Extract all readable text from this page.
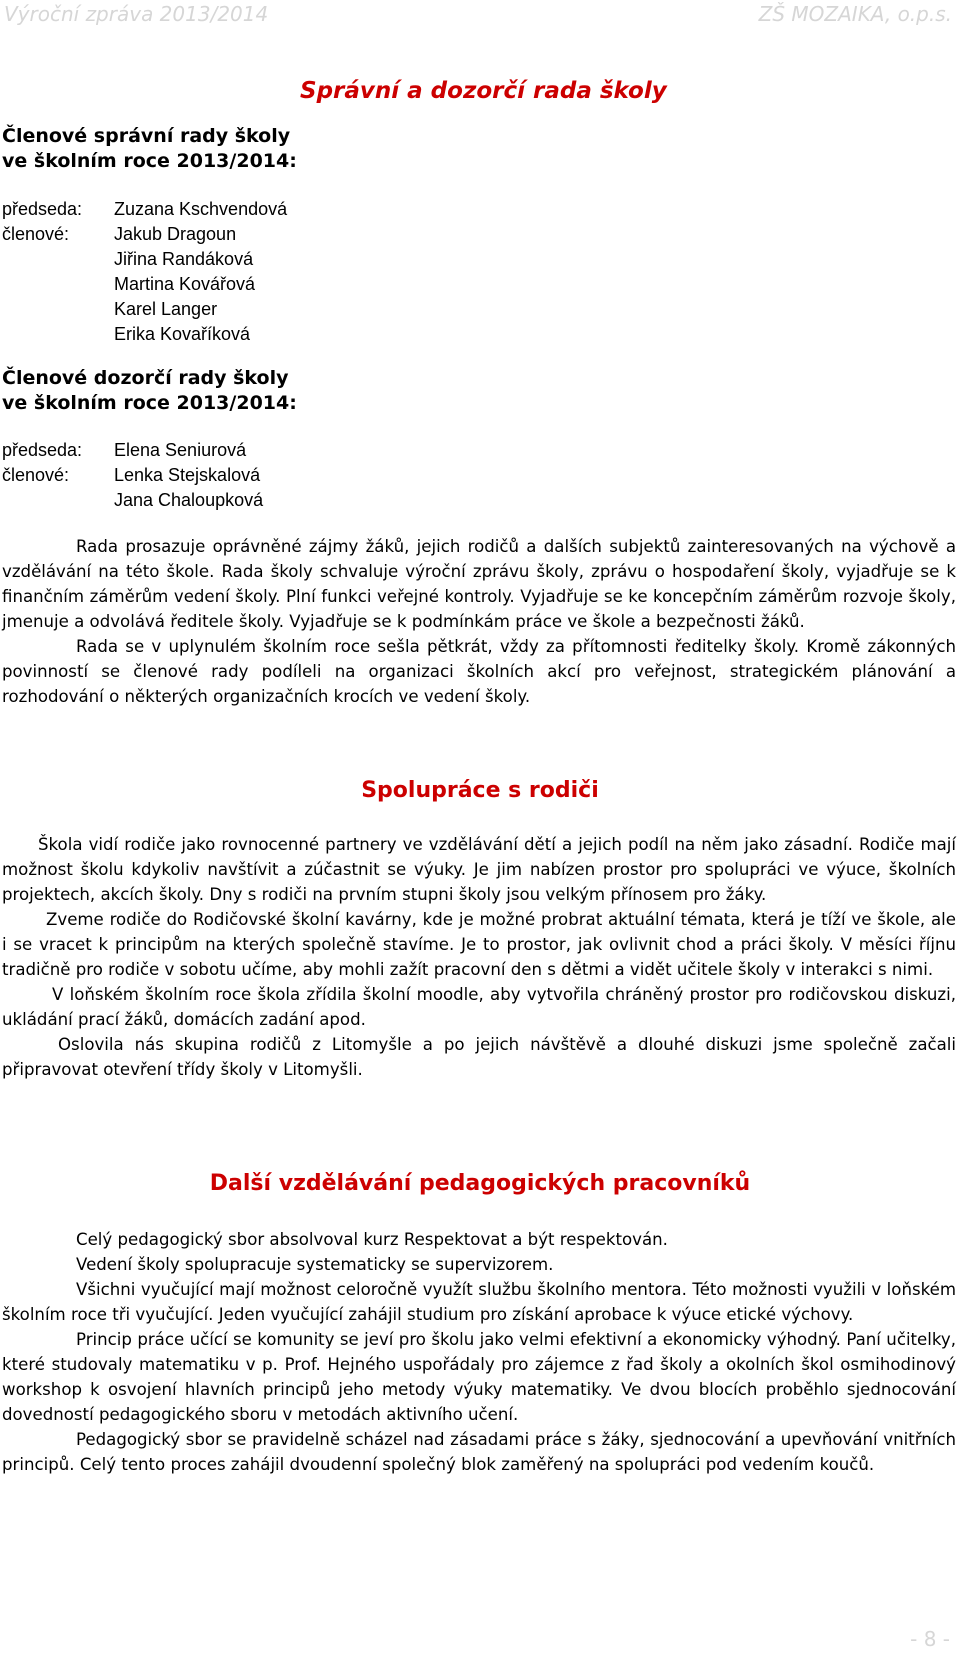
Výroční zpráva 2013/2014	ZŠ MOZAIKA, o.p.s.
Správní a dozorčí rada školy
Členové správní rady školy
ve školním roce 2013/2014:
předseda:	Zuzana Kschvendová
členové:	Jakub Dragoun
Jiřina Randáková
Martina Kovářová
Karel Langer
Erika Kovaříková
Členové dozorčí rady školy
ve školním roce 2013/2014:
předseda:	Elena Seniurová
členové:	Lenka Stejskalová
Jana Chaloupková

Rada prosazuje oprávněné zájmy žáků, jejich rodičů a dalších subjektů zainteresovaných na výchově a vzdělávání na této škole. Rada školy schvaluje výroční zprávu školy, zprávu o hospodaření školy, vyjadřuje se k finančním záměrům vedení školy. Plní funkci veřejné kontroly. Vyjadřuje se ke koncepčním záměrům rozvoje školy, jmenuje a odvolává ředitele školy. Vyjadřuje se k podmínkám práce ve škole a bezpečnosti žáků.

Rada se v uplynulém školním roce sešla pětkrát, vždy za přítomnosti ředitelky školy. Kromě zákonných povinností se členové rady podíleli na organizaci školních akcí pro veřejnost, strategickém plánování a rozhodování o některých organizačních krocích ve vedení školy.

Spolupráce s rodiči

Škola vidí rodiče jako rovnocenné partnery ve vzdělávání dětí a jejich podíl na něm jako zásadní. Rodiče mají možnost školu kdykoliv navštívit a zúčastnit se výuky. Je jim nabízen prostor pro spolupráci ve výuce, školních projektech, akcích školy. Dny s rodiči na prvním stupni školy jsou velkým přínosem pro žáky.

Zveme rodiče do Rodičovské školní kavárny, kde je možné probrat aktuální témata, která je tíží ve škole, ale i se vracet k principům na kterých společně stavíme. Je to prostor, jak ovlivnit chod a práci školy. V měsíci říjnu tradičně pro rodiče v sobotu učíme, aby mohli zažít pracovní den s dětmi a vidět učitele školy v interakci s nimi.

V loňském školním roce škola zřídila školní moodle, aby vytvořila chráněný prostor pro rodičovskou diskuzi, ukládání prací žáků, domácích zadání apod.

Oslovila nás skupina rodičů z Litomyšle a po jejich návštěvě a dlouhé diskuzi jsme společně začali připravovat otevření třídy školy v Litomyšli.

Další vzdělávání pedagogických pracovníků

Celý pedagogický sbor absolvoval kurz Respektovat a být respektován.

Vedení školy spolupracuje systematicky se supervizorem.

Všichni vyučující mají možnost celoročně využít službu školního mentora. Této možnosti využili v loňském školním roce tři vyučující. Jeden vyučující zahájil studium pro získání aprobace k výuce etické výchovy.

Princip práce učící se komunity se jeví pro školu jako velmi efektivní a ekonomicky výhodný. Paní učitelky, které studovaly matematiku v p. Prof. Hejného uspořádaly pro zájemce z řad školy a okolních škol osmihodinový workshop k osvojení hlavních principů jeho metody výuky matematiky. Ve dvou blocích proběhlo sjednocování dovedností pedagogického sboru v metodách aktivního učení.

Pedagogický sbor se pravidelně scházel nad zásadami práce s žáky, sjednocování a upevňování vnitřních principů. Celý tento proces zahájil dvoudenní společný blok zaměřený na spolupráci pod vedením koučů.

- 8 -
